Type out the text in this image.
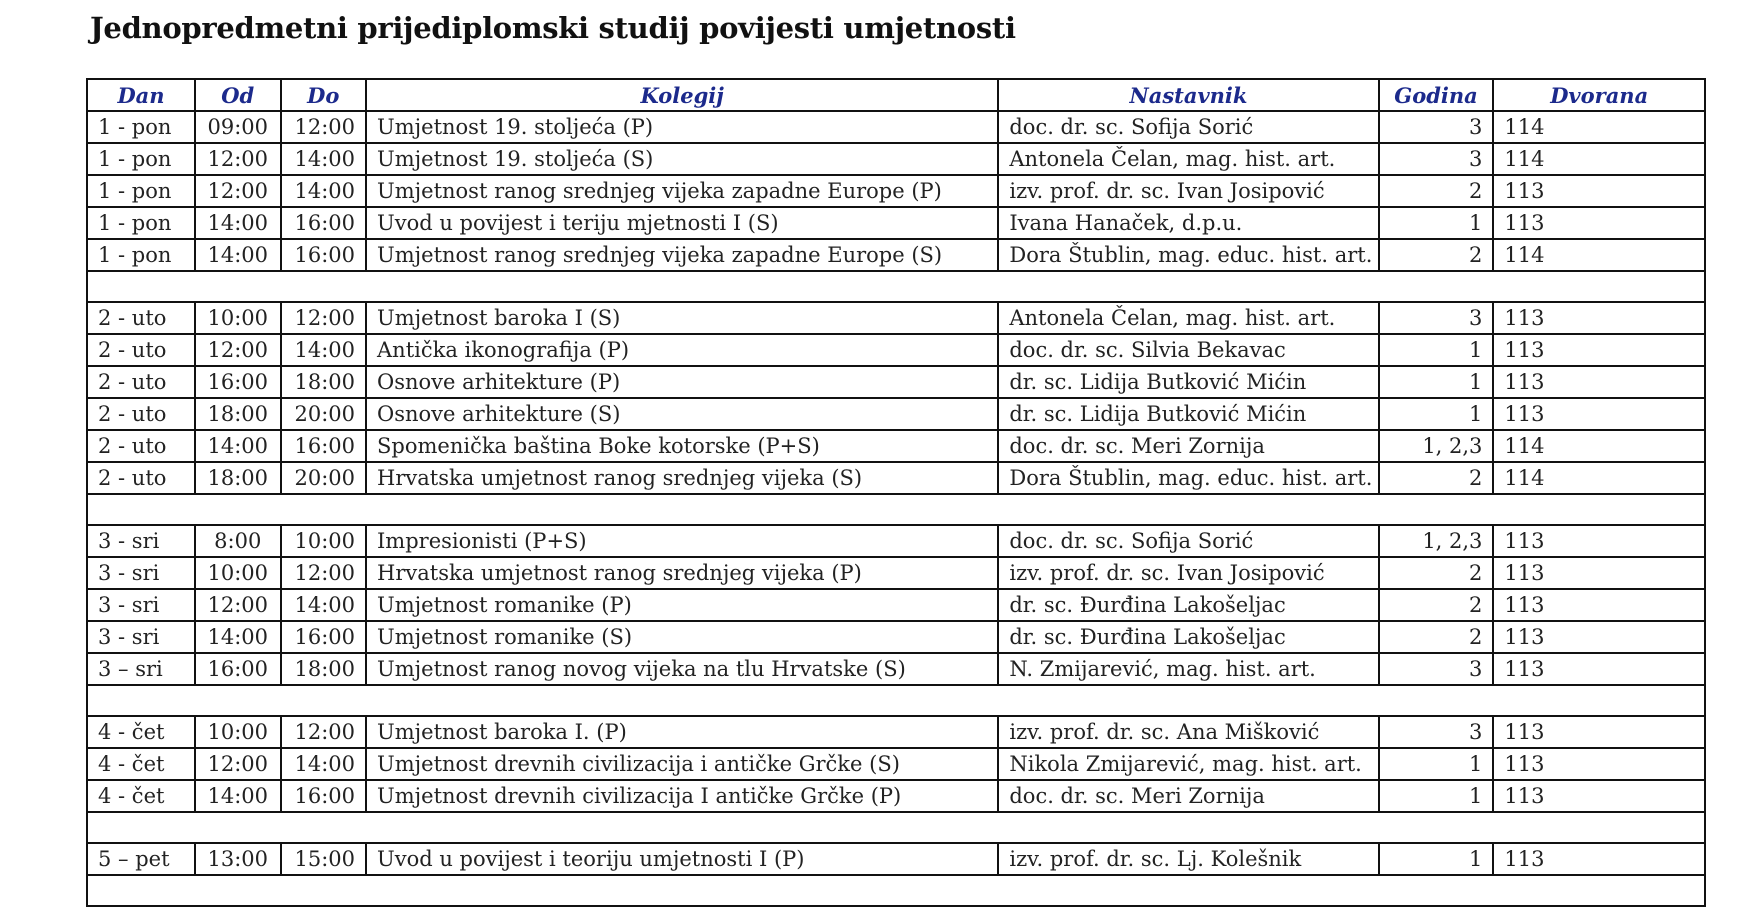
Jednopredmetni prijediplomski studij povijesti umjetnosti
Dan	Od	Do	Kolegij	Nastavnik	Godina	Dvorana
1 - pon	09:00	12:00	Umjetnost 19. stoljeća (P)	doc. dr. sc. Sofija Sorić	3	114
1 - pon	12:00	14:00	Umjetnost 19. stoljeća (S)	Antonela Čelan, mag. hist. art.	3	114
1 - pon	12:00	14:00	Umjetnost ranog srednjeg vijeka zapadne Europe (P)	izv. prof. dr. sc. Ivan Josipović	2	113
1 - pon	14:00	16:00	Uvod u povijest i teriju mjetnosti I (S)	Ivana Hanaček, d.p.u.	1	113
1 - pon	14:00	16:00	Umjetnost ranog srednjeg vijeka zapadne Europe (S)	Dora Štublin, mag. educ. hist. art.	2	114

2 - uto	10:00	12:00	Umjetnost baroka I (S)	Antonela Čelan, mag. hist. art.	3	113
2 - uto	12:00	14:00	Antička ikonografija (P)	doc. dr. sc. Silvia Bekavac	1	113
2 - uto	16:00	18:00	Osnove arhitekture (P)	dr. sc. Lidija Butković Mićin	1	113
2 - uto	18:00	20:00	Osnove arhitekture (S)	dr. sc. Lidija Butković Mićin	1	113
2 - uto	14:00	16:00	Spomenička baština Boke kotorske (P+S)	doc. dr. sc. Meri Zornija	1, 2,3	114
2 - uto	18:00	20:00	Hrvatska umjetnost ranog srednjeg vijeka (S)	Dora Štublin, mag. educ. hist. art.	2	114

3 - sri	8:00	10:00	Impresionisti (P+S)	doc. dr. sc. Sofija Sorić	1, 2,3	113
3 - sri	10:00	12:00	Hrvatska umjetnost ranog srednjeg vijeka (P)	izv. prof. dr. sc. Ivan Josipović	2	113
3 - sri	12:00	14:00	Umjetnost romanike (P)	dr. sc. Đurđina Lakošeljac	2	113
3 - sri	14:00	16:00	Umjetnost romanike (S)	dr. sc. Đurđina Lakošeljac	2	113
3 – sri	16:00	18:00	Umjetnost ranog novog vijeka na tlu Hrvatske (S)	N. Zmijarević, mag. hist. art.	3	113

4 - čet	10:00	12:00	Umjetnost baroka I. (P)	izv. prof. dr. sc. Ana Mišković	3	113
4 - čet	12:00	14:00	Umjetnost drevnih civilizacija i antičke Grčke (S)	Nikola Zmijarević, mag. hist. art.	1	113
4 - čet	14:00	16:00	Umjetnost drevnih civilizacija I antičke Grčke (P)	doc. dr. sc. Meri Zornija	1	113

5 – pet	13:00	15:00	Uvod u povijest i teoriju umjetnosti I (P)	izv. prof. dr. sc. Lj. Kolešnik	1	113
